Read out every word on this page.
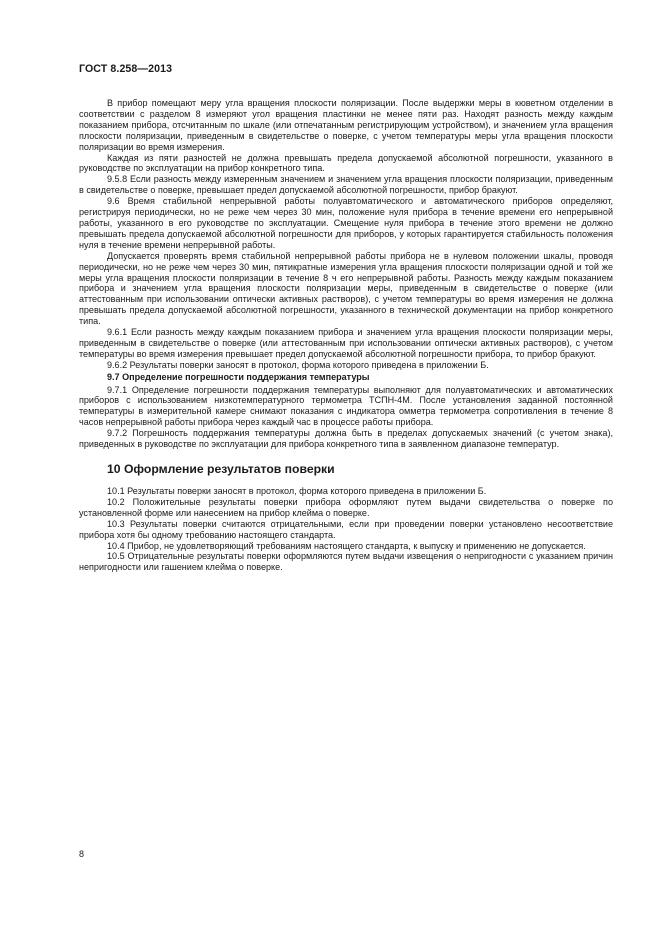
ГОСТ 8.258—2013

В прибор помещают меру угла вращения плоскости поляризации. После выдержки меры в кюветном отделении в соответствии с разделом 8 измеряют угол вращения пластинки не менее пяти раз. Находят разность между каждым показанием прибора, отсчитанным по шкале (или отпечатанным регистрирующим устройством), и значением угла вращения плоскости поляризации, приведенным в свидетельстве о поверке, с учетом температуры меры угла вращения плоскости поляризации во время измерения.

Каждая из пяти разностей не должна превышать предела допускаемой абсолютной погрешности, указанного в руководстве по эксплуатации на прибор конкретного типа.

9.5.8 Если разность между измеренным значением и значением угла вращения плоскости поляризации, приведенным в свидетельстве о поверке, превышает предел допускаемой абсолютной погрешности, прибор бракуют.

9.6 Время стабильной непрерывной работы полуавтоматического и автоматического приборов определяют, регистрируя периодически, но не реже чем через 30 мин, положение нуля прибора в течение времени его непрерывной работы, указанного в его руководстве по эксплуатации. Смещение нуля прибора в течение этого времени не должно превышать предела допускаемой абсолютной погрешности для приборов, у которых гарантируется стабильность положения нуля в течение времени непрерывной работы.

Допускается проверять время стабильной непрерывной работы прибора не в нулевом положении шкалы, проводя периодически, но не реже чем через 30 мин, пятикратные измерения угла вращения плоскости поляризации одной и той же меры угла вращения плоскости поляризации в течение 8 ч его непрерывной работы. Разность между каждым показанием прибора и значением угла вращения плоскости поляризации меры, приведенным в свидетельстве о поверке (или аттестованным при использовании оптически активных растворов), с учетом температуры во время измерения не должна превышать предела допускаемой абсолютной погрешности, указанного в технической документации на прибор конкретного типа.

9.6.1 Если разность между каждым показанием прибора и значением угла вращения плоскости поляризации меры, приведенным в свидетельстве о поверке (или аттестованным при использовании оптически активных растворов), с учетом температуры во время измерения превышает предел допускаемой абсолютной погрешности прибора, то прибор бракуют.

9.6.2 Результаты поверки заносят в протокол, форма которого приведена в приложении Б.

9.7 Определение погрешности поддержания температуры

9.7.1 Определение погрешности поддержания температуры выполняют для полуавтоматических и автоматических приборов с использованием низкотемпературного термометра ТСПН-4М. После установления заданной постоянной температуры в измерительной камере снимают показания с индикатора омметра термометра сопротивления в течение 8 часов непрерывной работы прибора через каждый час в процессе работы прибора.

9.7.2 Погрешность поддержания температуры должна быть в пределах допускаемых значений (с учетом знака), приведенных в руководстве по эксплуатации для прибора конкретного типа в заявленном диапазоне температур.

10 Оформление результатов поверки

10.1 Результаты поверки заносят в протокол, форма которого приведена в приложении Б.

10.2 Положительные результаты поверки прибора оформляют путем выдачи свидетельства о поверке по установленной форме или нанесением на прибор клейма о поверке.

10.3 Результаты поверки считаются отрицательными, если при проведении поверки установлено несоответствие прибора хотя бы одному требованию настоящего стандарта.

10.4 Прибор, не удовлетворяющий требованиям настоящего стандарта, к выпуску и применению не допускается.

10.5 Отрицательные результаты поверки оформляются путем выдачи извещения о непригодности с указанием причин непригодности или гашением клейма о поверке.

8
